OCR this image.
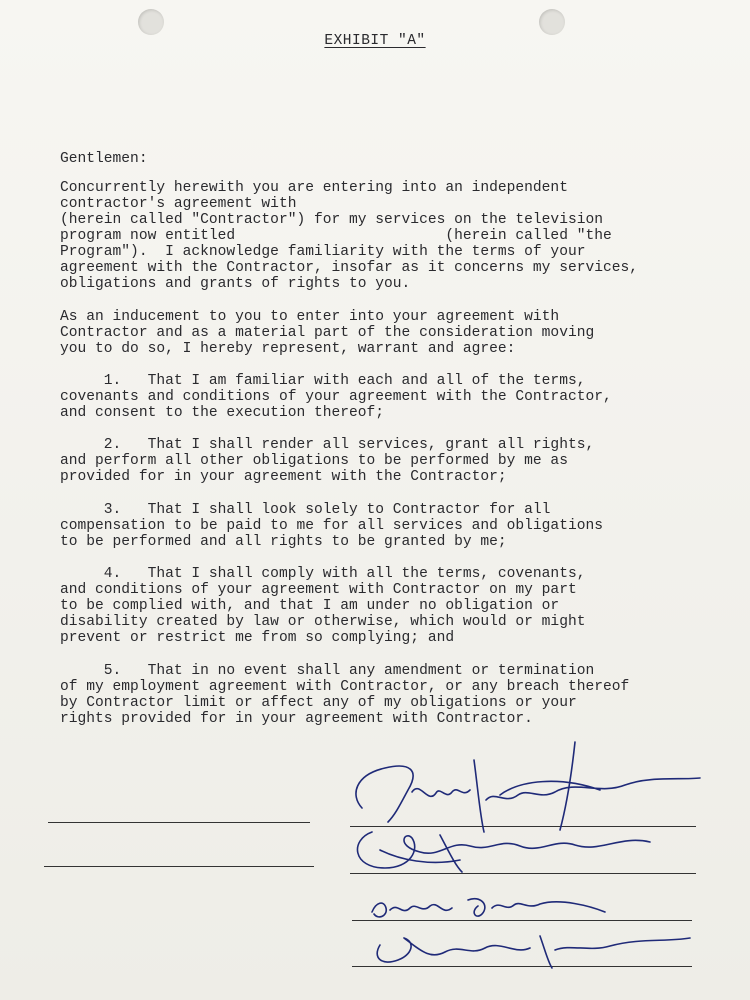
EXHIBIT "A"
Gentlemen:
Concurrently herewith you are entering into an independent
contractor's agreement with
(herein called "Contractor") for my services on the television
program now entitled                        (herein called "the
Program").  I acknowledge familiarity with the terms of your
agreement with the Contractor, insofar as it concerns my services,
obligations and grants of rights to you.
As an inducement to you to enter into your agreement with
Contractor and as a material part of the consideration moving
you to do so, I hereby represent, warrant and agree:
1.   That I am familiar with each and all of the terms,
covenants and conditions of your agreement with the Contractor,
and consent to the execution thereof;
2.   That I shall render all services, grant all rights,
and perform all other obligations to be performed by me as
provided for in your agreement with the Contractor;
3.   That I shall look solely to Contractor for all
compensation to be paid to me for all services and obligations
to be performed and all rights to be granted by me;
4.   That I shall comply with all the terms, covenants,
and conditions of your agreement with Contractor on my part
to be complied with, and that I am under no obligation or
disability created by law or otherwise, which would or might
prevent or restrict me from so complying; and
5.   That in no event shall any amendment or termination
of my employment agreement with Contractor, or any breach thereof
by Contractor limit or affect any of my obligations or your
rights provided for in your agreement with Contractor.
